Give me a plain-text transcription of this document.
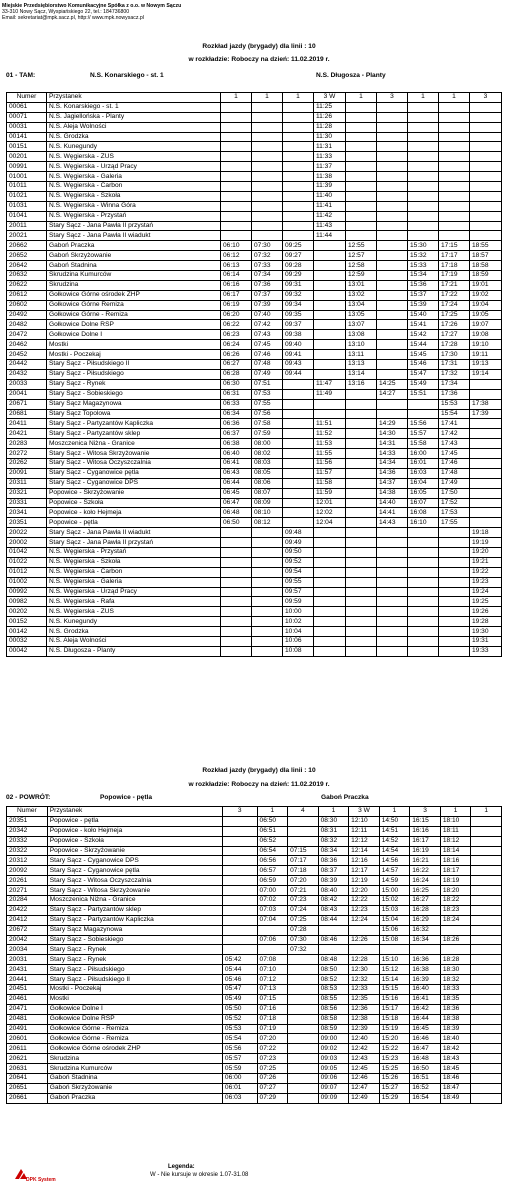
Miejskie Przedsiębiorstwo Komunikacyjne Spółka z o.o. w Nowym Sączu
33-310 Nowy Sącz, Wyspiańskiego 22, tel.: 184736800
Email: sekretariat@mpk.sacz.pl, http:// www.mpk.nowysacz.pl
Rozkład jazdy (brygady) dla linii : 10
w rozkładzie: Roboczy na dzień: 11.02.2019 r.
01 - TAM:	N.S. Konarskiego - st. 1	N.S. Długosza - Planty
Numer	Przystanek	1	1	1	3 W	1	3	1	1	3
00061	N.S. Konarskiego - st. 1				11:25					
00071	N.S. Jagiellońska - Planty				11:26					
00031	N.S. Aleja Wolności				11:28					
00141	N.S. Grodzka				11:30					
00151	N.S. Kunegundy				11:31					
00201	N.S. Węgierska - ZUS				11:33					
00991	N.S. Węgierska - Urząd Pracy				11:37					
01001	N.S. Węgierska - Galeria				11:38					
01011	N.S. Węgierska - Carbon				11:39					
01021	N.S. Węgierska - Szkoła				11:40					
01031	N.S. Węgierska - Winna Góra				11:41					
01041	N.S. Węgierska - Przystań				11:42					
20011	Stary Sącz - Jana Pawła II przystań				11:43					
20021	Stary Sącz - Jana Pawła II wiadukt				11:44					
20662	Gaboń Praczka	06:10	07:30	09:25		12:55		15:30	17:15	18:55
20652	Gaboń Skrzyżowanie	06:12	07:32	09:27		12:57		15:32	17:17	18:57
20642	Gaboń Stadnina	06:13	07:33	09:28		12:58		15:33	17:18	18:58
20632	Skrudzina Kumurców	06:14	07:34	09:29		12:59		15:34	17:19	18:59
20622	Skrudzina	06:16	07:36	09:31		13:01		15:36	17:21	19:01
20612	Gołkowice Górne ośrodek ZHP	06:17	07:37	09:32		13:02		15:37	17:22	19:02
20602	Gołkowice Górne Remiza	06:19	07:39	09:34		13:04		15:39	17:24	19:04
20492	Gołkowice Górne - Remiza	06:20	07:40	09:35		13:05		15:40	17:25	19:05
20482	Gołkowice Dolne RSP	06:22	07:42	09:37		13:07		15:41	17:26	19:07
20472	Gołkowice Dolne I	06:23	07:43	09:38		13:08		15:42	17:27	19:08
20462	Mostki	06:24	07:45	09:40		13:10		15:44	17:28	19:10
20452	Mostki - Poczekaj	06:26	07:46	09:41		13:11		15:45	17:30	19:11
20442	Stary Sącz - Piłsudskiego II	06:27	07:48	09:43		13:13		15:46	17:31	19:13
20432	Stary Sącz - Piłsudskiego	06:28	07:49	09:44		13:14		15:47	17:32	19:14
20033	Stary Sącz - Rynek	06:30	07:51		11:47	13:16	14:25	15:49	17:34	
20041	Stary Sącz - Sobieskiego	06:31	07:53		11:49		14:27	15:51	17:36	
20671	Stary Sącz Magazynowa	06:33	07:55						15:53	17:38
20681	Stary Sącz Topolowa	06:34	07:56						15:54	17:39
20411	Stary Sącz - Partyzantów Kapliczka	06:36	07:58		11:51		14:29	15:56	17:41	
20421	Stary Sącz - Partyzantów sklep	06:37	07:59		11:52		14:30	15:57	17:42	
20283	Moszczenica Niżna - Granice	06:38	08:00		11:53		14:31	15:58	17:43	
20272	Stary Sącz - Witosa Skrzyżowanie	06:40	08:02		11:55		14:33	16:00	17:45	
20262	Stary Sącz - Witosa Oczyszczalnia	06:41	08:03		11:56		14:34	16:01	17:46	
20091	Stary Sącz - Cyganowice pętla	06:43	08:05		11:57		14:36	16:03	17:48	
20311	Stary Sącz - Cyganowice DPS	06:44	08:06		11:58		14:37	16:04	17:49	
20321	Popowice - Skrzyżowanie	06:45	08:07		11:59		14:38	16:05	17:50	
20331	Popowice - Szkoła	06:47	08:09		12:01		14:40	16:07	17:52	
20341	Popowice - koło Hejmeja	06:48	08:10		12:02		14:41	16:08	17:53	
20351	Popowice - pętla	06:50	08:12		12:04		14:43	16:10	17:55	
20022	Stary Sącz - Jana Pawła II wiadukt			09:48						19:18
20002	Stary Sącz - Jana Pawła II przystań			09:49						19:19
01042	N.S. Węgierska - Przystań			09:50						19:20
01022	N.S. Węgierska - Szkoła			09:52						19:21
01012	N.S. Węgierska - Carbon			09:54						19:22
01002	N.S. Węgierska - Galeria			09:55						19:23
00992	N.S. Węgierska - Urząd Pracy			09:57						19:24
00982	N.S. Węgierska - Rafa			09:59						19:25
00202	N.S. Węgierska - ZUS			10:00						19:26
00152	N.S. Kunegundy			10:02						19:28
00142	N.S. Grodzka			10:04						19:30
00032	N.S. Aleja Wolności			10:06						19:31
00042	N.S. Długosza - Planty			10:08						19:33
Rozkład jazdy (brygady) dla linii : 10
w rozkładzie: Roboczy na dzień: 11.02.2019 r.
02 - POWRÓT:	Popowice - pętla	Gaboń Praczka
Numer	Przystanek	3	1	4	1	3 W	1	3	1	1
20351	Popowice - pętla		06:50		08:30	12:10	14:50	16:15	18:10	
20342	Popowice - koło Hejmeja		06:51		08:31	12:11	14:51	16:16	18:11	
20332	Popowice - Szkoła		06:52		08:32	12:12	14:52	16:17	18:12	
20322	Popowice - Skrzyżowanie		06:54	07:15	08:34	12:14	14:54	16:19	18:14	
20312	Stary Sącz - Cyganowice DPS		06:56	07:17	08:36	12:16	14:56	16:21	18:16	
20092	Stary Sącz - Cyganowice pętla		06:57	07:18	08:37	12:17	14:57	16:22	18:17	
20261	Stary Sącz - Witosa Oczyszczalnia		06:59	07:20	08:39	12:19	14:59	16:24	18:19	
20271	Stary Sącz - Witosa Skrzyżowanie		07:00	07:21	08:40	12:20	15:00	16:25	18:20	
20284	Moszczenica Niżna - Granice		07:02	07:23	08:42	12:22	15:02	16:27	18:22	
20422	Stary Sącz - Partyzantów sklep		07:03	07:24	08:43	12:23	15:03	16:28	18:23	
20412	Stary Sącz - Partyzantów Kapliczka		07:04	07:25	08:44	12:24	15:04	16:29	18:24	
20672	Stary Sącz Magazynowa			07:28			15:06	16:32		
20042	Stary Sącz - Sobieskiego		07:06	07:30	08:46	12:26	15:08	16:34	18:26	
20034	Stary Sącz - Rynek			07:32						
20031	Stary Sącz - Rynek	05:42	07:08		08:48	12:28	15:10	16:36	18:28	
20431	Stary Sącz - Piłsudskiego	05:44	07:10		08:50	12:30	15:12	16:38	18:30	
20441	Stary Sącz - Piłsudskiego II	05:46	07:12		08:52	12:32	15:14	16:39	18:32	
20451	Mostki - Poczekaj	05:47	07:13		08:53	12:33	15:15	16:40	18:33	
20461	Mostki	05:49	07:15		08:55	12:35	15:16	16:41	18:35	
20471	Gołkowice Dolne I	05:50	07:16		08:56	12:36	15:17	16:42	18:36	
20481	Gołkowice Dolne RSP	05:52	07:18		08:58	12:38	15:18	16:44	18:38	
20491	Gołkowice Górne - Remiza	05:53	07:19		08:59	12:39	15:19	16:45	18:39	
20601	Gołkowice Górne - Remiza	05:54	07:20		09:00	12:40	15:20	16:46	18:40	
20611	Gołkowice Górne ośrodek ZHP	05:56	07:22		09:02	12:42	15:22	16:47	18:42	
20621	Skrudzina	05:57	07:23		09:03	12:43	15:23	16:48	18:43	
20631	Skrudzina Kumurców	05:59	07:25		09:05	12:45	15:25	16:50	18:45	
20641	Gaboń Stadnina	06:00	07:26		09:06	12:46	15:26	16:51	18:46	
20651	Gaboń Skrzyżowanie	06:01	07:27		09:07	12:47	15:27	16:52	18:47	
20661	Gaboń Praczka	06:03	07:29		09:09	12:49	15:29	16:54	18:49	
DPK System
Legenda:
W - Nie kursuje w okresie 1.07-31.08
